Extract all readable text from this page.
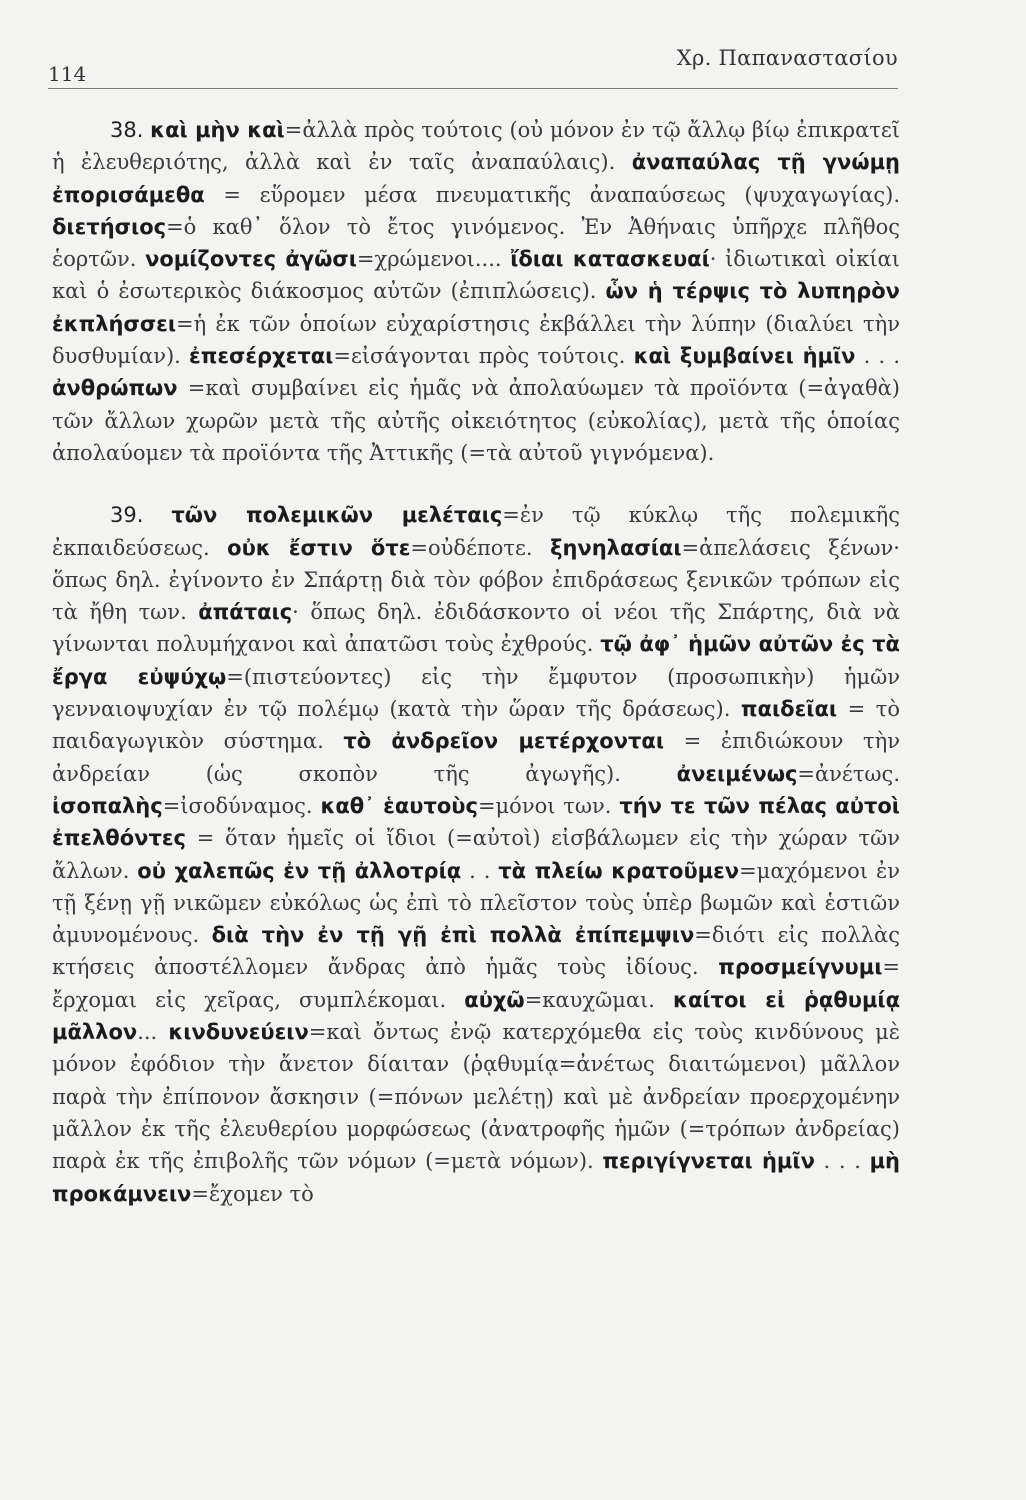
114
Χρ. Παπαναστασίου

38. καὶ μὴν καὶ=ἀλλὰ πρὸς τούτοις (οὐ μόνον ἐν τῷ ἄλλῳ βίῳ ἐπικρατεῖ ἡ ἐλευθεριότης, ἀλλὰ καὶ ἐν ταῖς ἀναπαύλαις). ἀναπαύλας τῇ γνώμῃ ἐπορισάμεθα = εὕρομεν μέσα πνευματικῆς ἀναπαύσεως (ψυχαγωγίας). διετήσιος=ὁ καθ᾽ ὅλον τὸ ἔτος γινόμενος. Ἐν Ἀθήναις ὑπῆρχε πλῆθος ἑορτῶν. νομίζοντες ἀγῶσι=χρώμενοι.... ἴδιαι κατασκευαί· ἰδιωτικαὶ οἰκίαι καὶ ὁ ἐσωτερικὸς διάκοσμος αὐτῶν (ἐπιπλώσεις). ὧν ἡ τέρψις τὸ λυπηρὸν ἐκπλήσσει=ἡ ἐκ τῶν ὁποίων εὐχαρίστησις ἐκβάλλει τὴν λύπην (διαλύει τὴν δυσθυμίαν). ἐπεσέρχεται=εἰσάγονται πρὸς τούτοις. καὶ ξυμβαίνει ἡμῖν . . . ἀνθρώπων =καὶ συμβαίνει εἰς ἡμᾶς νὰ ἀπολαύωμεν τὰ προϊόντα (=ἀγαθὰ) τῶν ἄλλων χωρῶν μετὰ τῆς αὐτῆς οἰκειότητος (εὐκολίας), μετὰ τῆς ὁποίας ἀπολαύομεν τὰ προϊόντα τῆς Ἀττικῆς (=τὰ αὐτοῦ γιγνόμενα).

39. τῶν πολεμικῶν μελέταις=ἐν τῷ κύκλῳ τῆς πολεμικῆς ἐκπαιδεύσεως. οὐκ ἔστιν ὅτε=οὐδέποτε. ξηνηλασίαι=ἀπελάσεις ξένων· ὅπως δηλ. ἐγίνοντο ἐν Σπάρτῃ διὰ τὸν φόβον ἐπιδράσεως ξενικῶν τρόπων εἰς τὰ ἤθη των. ἀπάταις· ὅπως δηλ. ἐδιδάσκοντο οἱ νέοι τῆς Σπάρτης, διὰ νὰ γίνωνται πολυμήχανοι καὶ ἀπατῶσι τοὺς ἐχθρούς. τῷ ἀφ᾽ ἡμῶν αὐτῶν ἐς τὰ ἔργα εὐψύχῳ=(πιστεύοντες) εἰς τὴν ἔμφυτον (προσωπικὴν) ἡμῶν γενναιοψυχίαν ἐν τῷ πολέμῳ (κατὰ τὴν ὥραν τῆς δράσεως). παιδεῖαι = τὸ παιδαγωγικὸν σύστημα. τὸ ἀνδρεῖον μετέρχονται = ἐπιδιώκουν τὴν ἀνδρείαν (ὡς σκοπὸν τῆς ἀγωγῆς). ἀνειμένως=ἀνέτως. ἰσοπαλὴς=ἰσοδύναμος. καθ᾽ ἑαυτοὺς=μόνοι των. τήν τε τῶν πέλας αὐτοὶ ἐπελθόντες = ὅταν ἡμεῖς οἱ ἴδιοι (=αὐτοὶ) εἰσβάλωμεν εἰς τὴν χώραν τῶν ἄλλων. οὐ χαλεπῶς ἐν τῇ ἀλλοτρίᾳ . . τὰ πλείω κρατοῦμεν=μαχόμενοι ἐν τῇ ξένῃ γῇ νικῶμεν εὐκόλως ὡς ἐπὶ τὸ πλεῖστον τοὺς ὑπὲρ βωμῶν καὶ ἑστιῶν ἀμυνομένους. διὰ τὴν ἐν τῇ γῇ ἐπὶ πολλὰ ἐπίπεμψιν=διότι εἰς πολλὰς κτήσεις ἀποστέλλομεν ἄνδρας ἀπὸ ἡμᾶς τοὺς ἰδίους. προσμείγνυμι= ἔρχομαι εἰς χεῖρας, συμπλέκομαι. αὐχῶ=καυχῶμαι. καίτοι εἰ ῥᾳθυμίᾳ μᾶλλον... κινδυνεύειν=καὶ ὄντως ἐνῷ κατερχόμεθα εἰς τοὺς κινδύνους μὲ μόνον ἐφόδιον τὴν ἄνετον δίαιταν (ῥᾳθυμίᾳ=ἀνέτως διαιτώμενοι) μᾶλλον παρὰ τὴν ἐπίπονον ἄσκησιν (=πόνων μελέτῃ) καὶ μὲ ἀνδρείαν προερχομένην μᾶλλον ἐκ τῆς ἐλευθερίου μορφώσεως (ἀνατροφῆς ἡμῶν (=τρόπων ἀνδρείας) παρὰ ἐκ τῆς ἐπιβολῆς τῶν νόμων (=μετὰ νόμων). περιγίγνεται ἡμῖν . . . μὴ προκάμνειν=ἔχομεν τὸ
